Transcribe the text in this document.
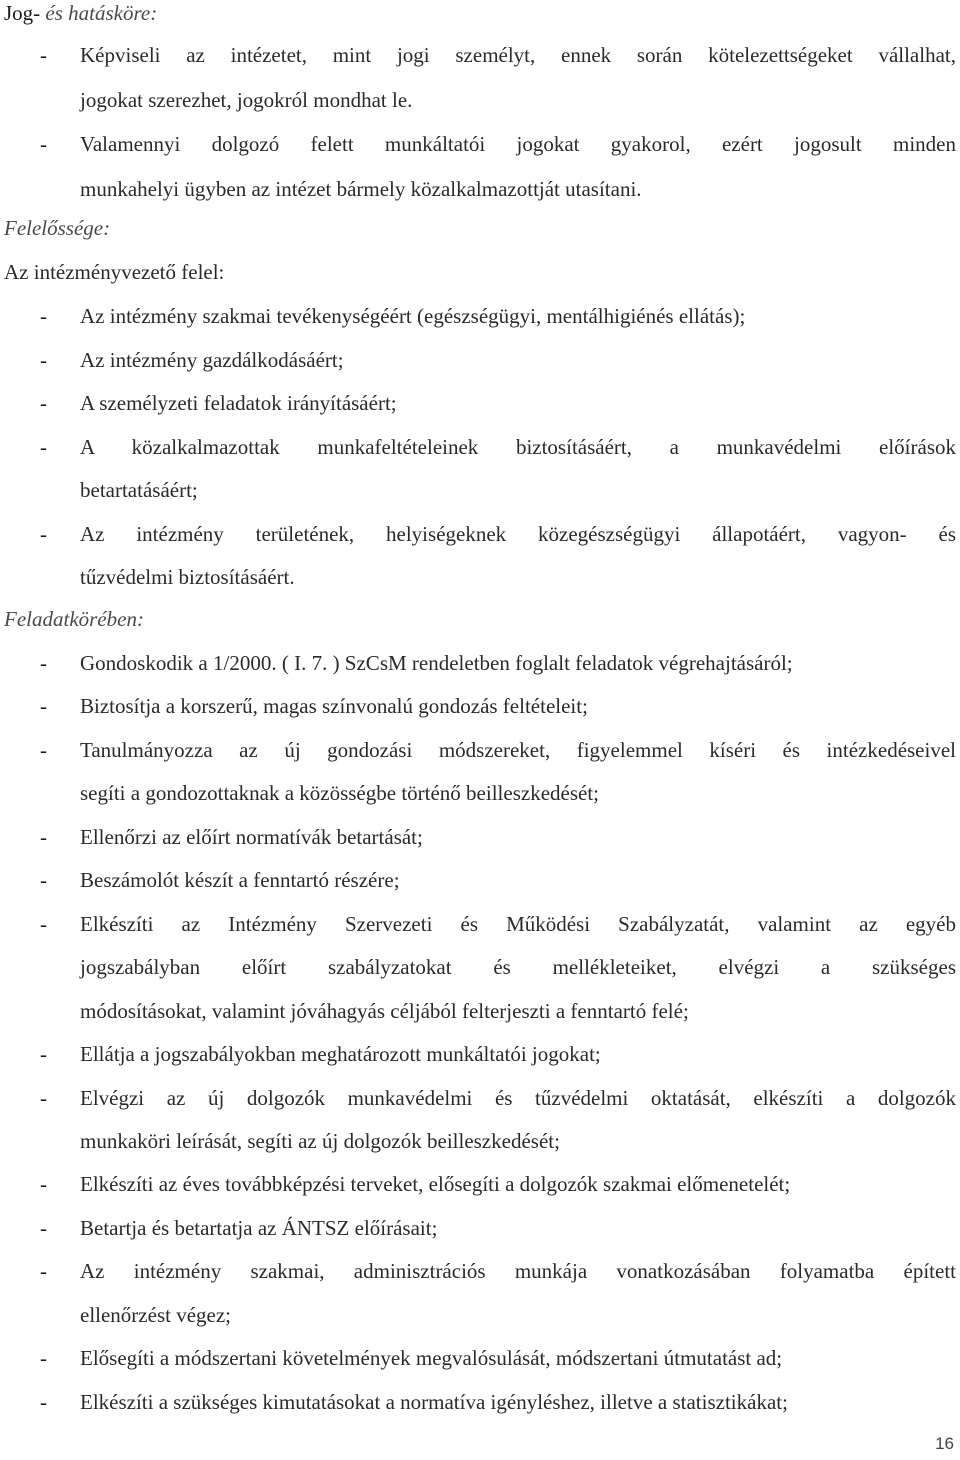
Jog- és hatásköre:
- Képviseli az intézetet, mint jogi személyt, ennek során kötelezettségeket vállalhat,
jogokat szerezhet, jogokról mondhat le.
- Valamennyi dolgozó felett munkáltatói jogokat gyakorol, ezért jogosult minden
munkahelyi ügyben az intézet bármely közalkalmazottját utasítani.
Felelőssége:
Az intézményvezető felel:
- Az intézmény szakmai tevékenységéért (egészségügyi, mentálhigiénés ellátás);
- Az intézmény gazdálkodásáért;
- A személyzeti feladatok irányításáért;
- A közalkalmazottak munkafeltételeinek biztosításáért, a munkavédelmi előírások
betartatásáért;
- Az intézmény területének, helyiségeknek közegészségügyi állapotáért, vagyon- és
tűzvédelmi biztosításáért.
Feladatkörében:
- Gondoskodik a 1/2000. ( I. 7. ) SzCsM rendeletben foglalt feladatok végrehajtásáról;
- Biztosítja a korszerű, magas színvonalú gondozás feltételeit;
- Tanulmányozza az új gondozási módszereket, figyelemmel kíséri és intézkedéseivel
segíti a gondozottaknak a közösségbe történő beilleszkedését;
- Ellenőrzi az előírt normatívák betartását;
- Beszámolót készít a fenntartó részére;
- Elkészíti az Intézmény Szervezeti és Működési Szabályzatát, valamint az egyéb
jogszabályban előírt szabályzatokat és mellékleteiket, elvégzi a szükséges
módosításokat, valamint jóváhagyás céljából felterjeszti a fenntartó felé;
- Ellátja a jogszabályokban meghatározott munkáltatói jogokat;
- Elvégzi az új dolgozók munkavédelmi és tűzvédelmi oktatását, elkészíti a dolgozók
munkaköri leírását, segíti az új dolgozók beilleszkedését;
- Elkészíti az éves továbbképzési terveket, elősegíti a dolgozók szakmai előmenetelét;
- Betartja és betartatja az ÁNTSZ előírásait;
- Az intézmény szakmai, adminisztrációs munkája vonatkozásában folyamatba épített
ellenőrzést végez;
- Elősegíti a módszertani követelmények megvalósulását, módszertani útmutatást ad;
- Elkészíti a szükséges kimutatásokat a normatíva igényléshez, illetve a statisztikákat;
16
